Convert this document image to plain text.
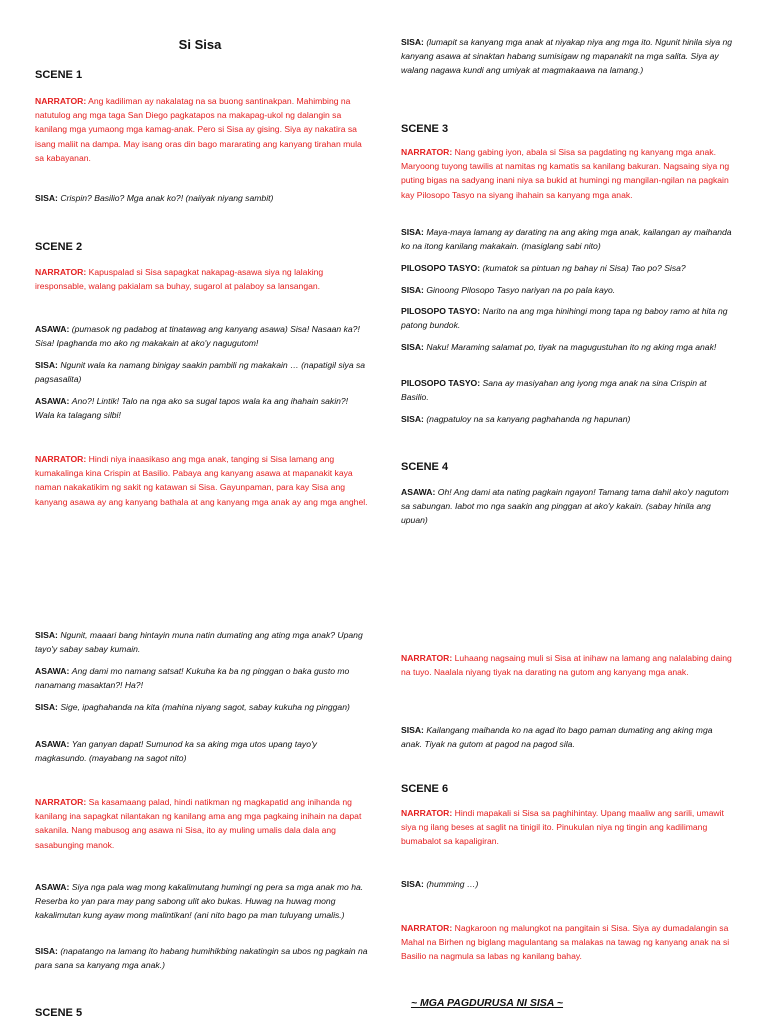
Si Sisa
SCENE 1
NARRATOR: Ang kadiliman ay nakalatag na sa buong santinakpan. Mahimbing na natutulog ang mga taga San Diego pagkatapos na makapag-ukol ng dalangin sa kanilang mga yumaong mga kamag-anak. Pero si Sisa ay gising. Siya ay nakatira sa isang maliit na dampa. May isang oras din bago mararating ang kanyang tirahan mula sa kabayanan.
SISA: Crispin? Basilio? Mga anak ko?! (naiiyak niyang sambit)
SCENE 2
NARRATOR: Kapuspalad si Sisa sapagkat nakapag-asawa siya ng lalaking iresponsable, walang pakialam sa buhay, sugarol at palaboy sa lansangan.
ASAWA: (pumasok ng padabog at tinatawag ang kanyang asawa) Sisa! Nasaan ka?! Sisa! Ipaghanda mo ako ng makakain at ako'y nagugutom!
SISA: Ngunit wala ka namang binigay saakin pambili ng makakain … (napatigil siya sa pagsasalita)
ASAWA: Ano?! Lintik! Talo na nga ako sa sugal tapos wala ka ang ihahain sakin?! Wala ka talagang silbi!
NARRATOR: Hindi niya inaasikaso ang mga anak, tanging si Sisa lamang ang kumakalinga kina Crispin at Basilio. Pabaya ang kanyang asawa at mapanakit kaya naman nakakatikim ng sakit ng katawan si Sisa. Gayunpaman, para kay Sisa ang kanyang asawa ay ang kanyang bathala at ang kanyang mga anak ay ang mga anghel.
SISA: Ngunit, maaari bang hintayin muna natin dumating ang ating mga anak? Upang tayo'y sabay sabay kumain.
ASAWA: Ang dami mo namang satsat! Kukuha ka ba ng pinggan o baka gusto mo nanamang masaktan?! Ha?!
SISA: Sige, ipaghahanda na kita (mahina niyang sagot, sabay kukuha ng pinggan)
ASAWA: Yan ganyan dapat! Sumunod ka sa aking mga utos upang tayo'y magkasundo. (mayabang na sagot nito)
NARRATOR: Sa kasamaang palad, hindi natikman ng magkapatid ang inihanda ng kanilang ina sapagkat nilantakan ng kanilang ama ang mga pagkaing inihain na dapat sakanila. Nang mabusog ang asawa ni Sisa, ito ay muling umalis dala dala ang sasabunging manok.
ASAWA: Siya nga pala wag mong kakalimutang humingi ng pera sa mga anak mo ha. Reserba ko yan para may pang sabong ulit ako bukas. Huwag na huwag mong kakalimutan kung ayaw mong malintikan! (ani nito bago pa man tuluyang umalis.)
SISA: (napatango na lamang ito habang humihikbing nakatingin sa ubos ng pagkain na para sana sa kanyang mga anak.)
SCENE 5
SISA: (lumapit sa kanyang mga anak at niyakap niya ang mga ito. Ngunit hinila siya ng kanyang asawa at sinaktan habang sumisigaw ng mapanakit na mga salita. Siya ay walang nagawa kundi ang umiyak at magmakaawa na lamang.)
SCENE 3
NARRATOR: Nang gabing iyon, abala si Sisa sa pagdating ng kanyang mga anak. Maryoong tuyong tawilis at namitas ng kamatis sa kanilang bakuran. Nagsaing siya ng puting bigas na sadyang inani niya sa bukid at humingi ng mangilan-ngilan na pagkain kay Pilosopo Tasyo na siyang ihahain sa kanyang mga anak.
SISA: Maya-maya lamang ay darating na ang aking mga anak, kailangan ay maihanda ko na itong kanilang makakain. (masiglang sabi nito)
PILOSOPO TASYO: (kumatok sa pintuan ng bahay ni Sisa) Tao po? Sisa?
SISA: Ginoong Pilosopo Tasyo nariyan na po pala kayo.
PILOSOPO TASYO: Narito na ang mga hinihingi mong tapa ng baboy ramo at hita ng patong bundok.
SISA: Naku! Maraming salamat po, tiyak na magugustuhan ito ng aking mga anak!
PILOSOPO TASYO: Sana ay masiyahan ang iyong mga anak na sina Crispin at Basilio.
SISA: (nagpatuloy na sa kanyang paghahanda ng hapunan)
SCENE 4
ASAWA: Oh! Ang dami ata nating pagkain ngayon! Tamang tama dahil ako'y nagutom sa sabungan. Iabot mo nga saakin ang pinggan at ako'y kakain. (sabay hinila ang upuan)
NARRATOR: Luhaang nagsaing muli si Sisa at inihaw na lamang ang nalalabing daing na tuyo. Naalala niyang tiyak na darating na gutom ang kanyang mga anak.
SISA: Kailangang maihanda ko na agad ito bago paman dumating ang aking mga anak. Tiyak na gutom at pagod na pagod sila.
SCENE 6
NARRATOR: Hindi mapakali si Sisa sa paghihintay. Upang maaliw ang sarili, umawit siya ng ilang beses at saglit na tinigil ito. Pinukulan niya ng tingin ang kadilimang bumabalot sa kapaligiran.
SISA: (humming …)
NARRATOR: Nagkaroon ng malungkot na pangitain si Sisa. Siya ay dumadalangin sa Mahal na Birhen ng biglang magulantang sa malakas na tawag ng kanyang anak na si Basilio na nagmula sa labas ng kanilang bahay.
~ MGA PAGDURUSA NI SISA ~
